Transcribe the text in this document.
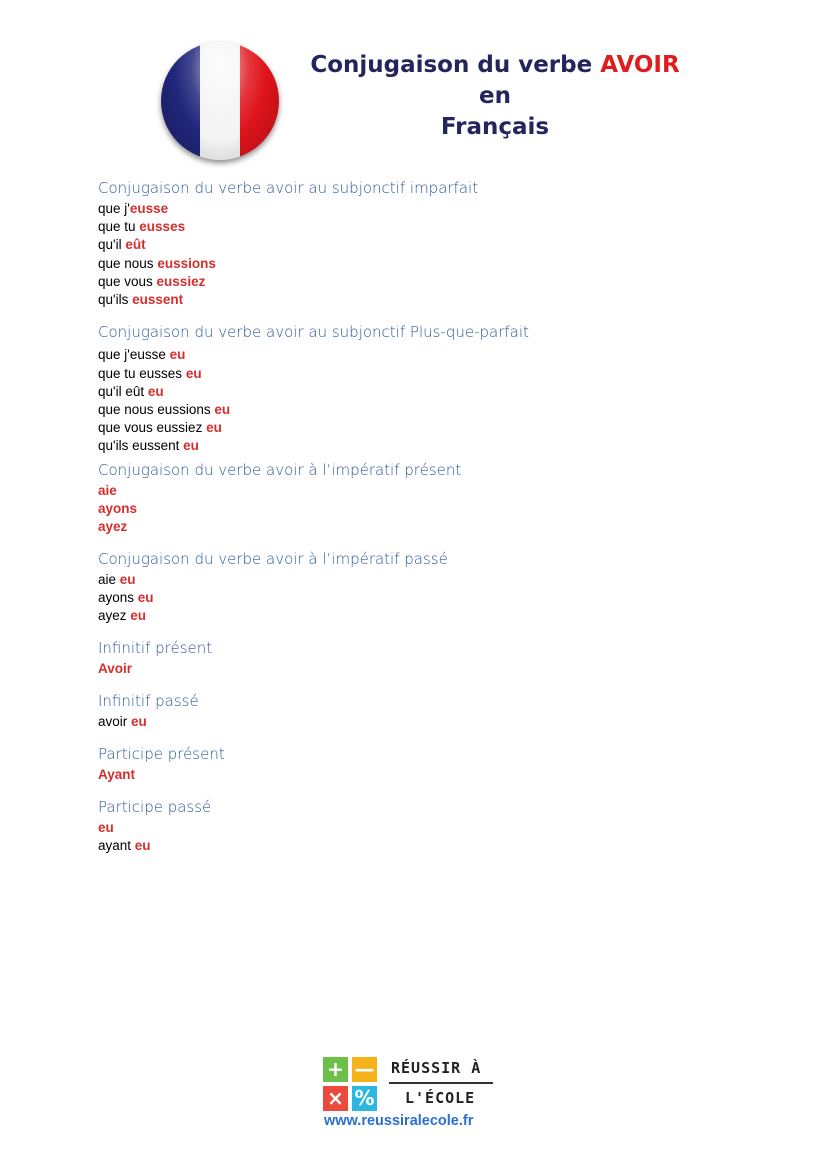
Conjugaison du verbe AVOIR
en
Français
Conjugaison du verbe avoir au subjonctif imparfait
que j'eusse
que tu eusses
qu'il eût
que nous eussions
que vous eussiez
qu'ils eussent
Conjugaison du verbe avoir au subjonctif Plus-que-parfait
que j'eusse eu
que tu eusses eu
qu'il eût eu
que nous eussions eu
que vous eussiez eu
qu'ils eussent eu
Conjugaison du verbe avoir à l’impératif présent
aie
ayons
ayez
Conjugaison du verbe avoir à l’impératif passé
aie eu
ayons eu
ayez eu
Infinitif présent
Avoir
Infinitif passé
avoir eu
Participe présent
Ayant
Participe passé
eu
ayant eu
+ —
× %
RÉUSSIR À
L'ÉCOLE
www.reussiralecole.fr
